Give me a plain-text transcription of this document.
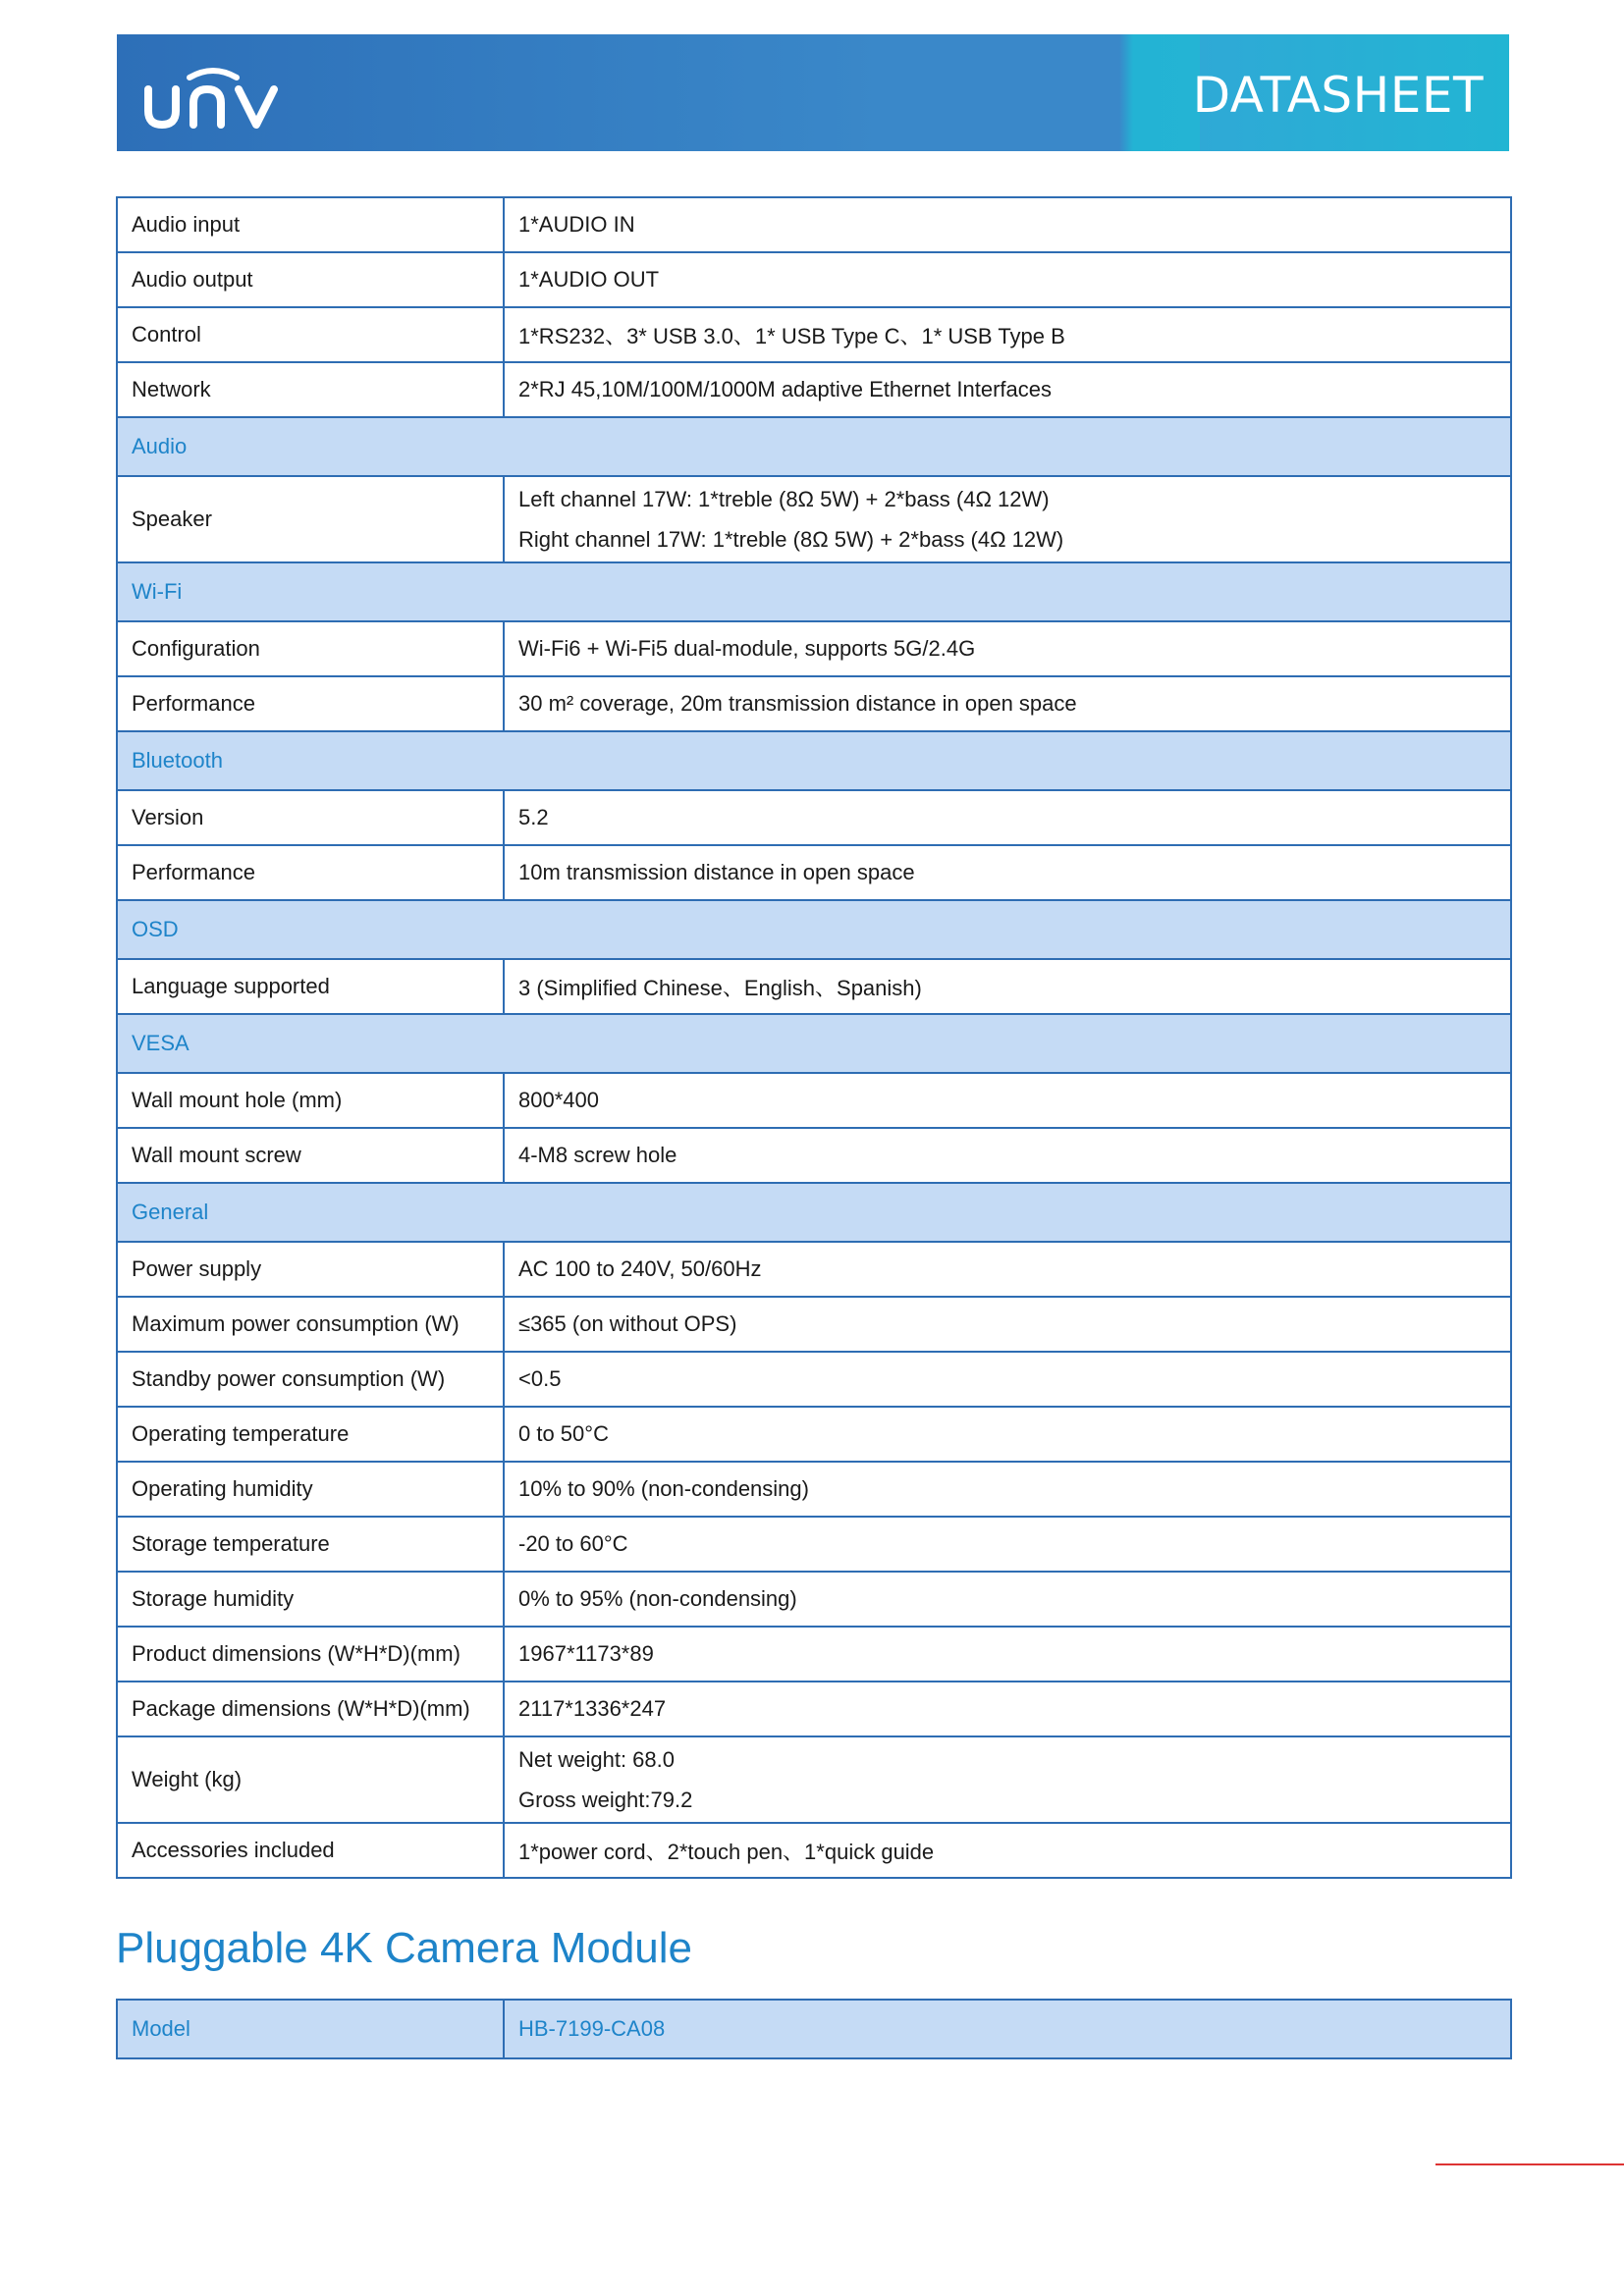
DATASHEET
Audio input	1*AUDIO IN
Audio output	1*AUDIO OUT
Control	1*RS232、3* USB 3.0、1* USB Type C、1* USB Type B
Network	2*RJ 45,10M/100M/1000M adaptive Ethernet Interfaces
Audio	
Speaker	Left channel 17W: 1*treble (8Ω 5W) + 2*bass (4Ω 12W)
Right channel 17W: 1*treble (8Ω 5W) + 2*bass (4Ω 12W)

Wi-Fi	
Configuration	Wi-Fi6 + Wi-Fi5 dual-module, supports 5G/2.4G
Performance	30 m² coverage, 20m transmission distance in open space
Bluetooth	
Version	5.2
Performance	10m transmission distance in open space
OSD	
Language supported	3 (Simplified Chinese、English、Spanish)
VESA	
Wall mount hole (mm)	800*400
Wall mount screw	4-M8 screw hole
General	
Power supply	AC 100 to 240V, 50/60Hz
Maximum power consumption (W)	≤365 (on without OPS)
Standby power consumption (W)	<0.5
Operating temperature	0 to 50°C
Operating humidity	10% to 90% (non-condensing)
Storage temperature	-20 to 60°C
Storage humidity	0% to 95% (non-condensing)
Product dimensions (W*H*D)(mm)	1967*1173*89
Package dimensions (W*H*D)(mm)	2117*1336*247
Weight (kg)	Net weight: 68.0
Gross weight:79.2

Accessories included	1*power cord、2*touch pen、1*quick guide
Pluggable 4K Camera Module
Model	HB-7199-CA08
